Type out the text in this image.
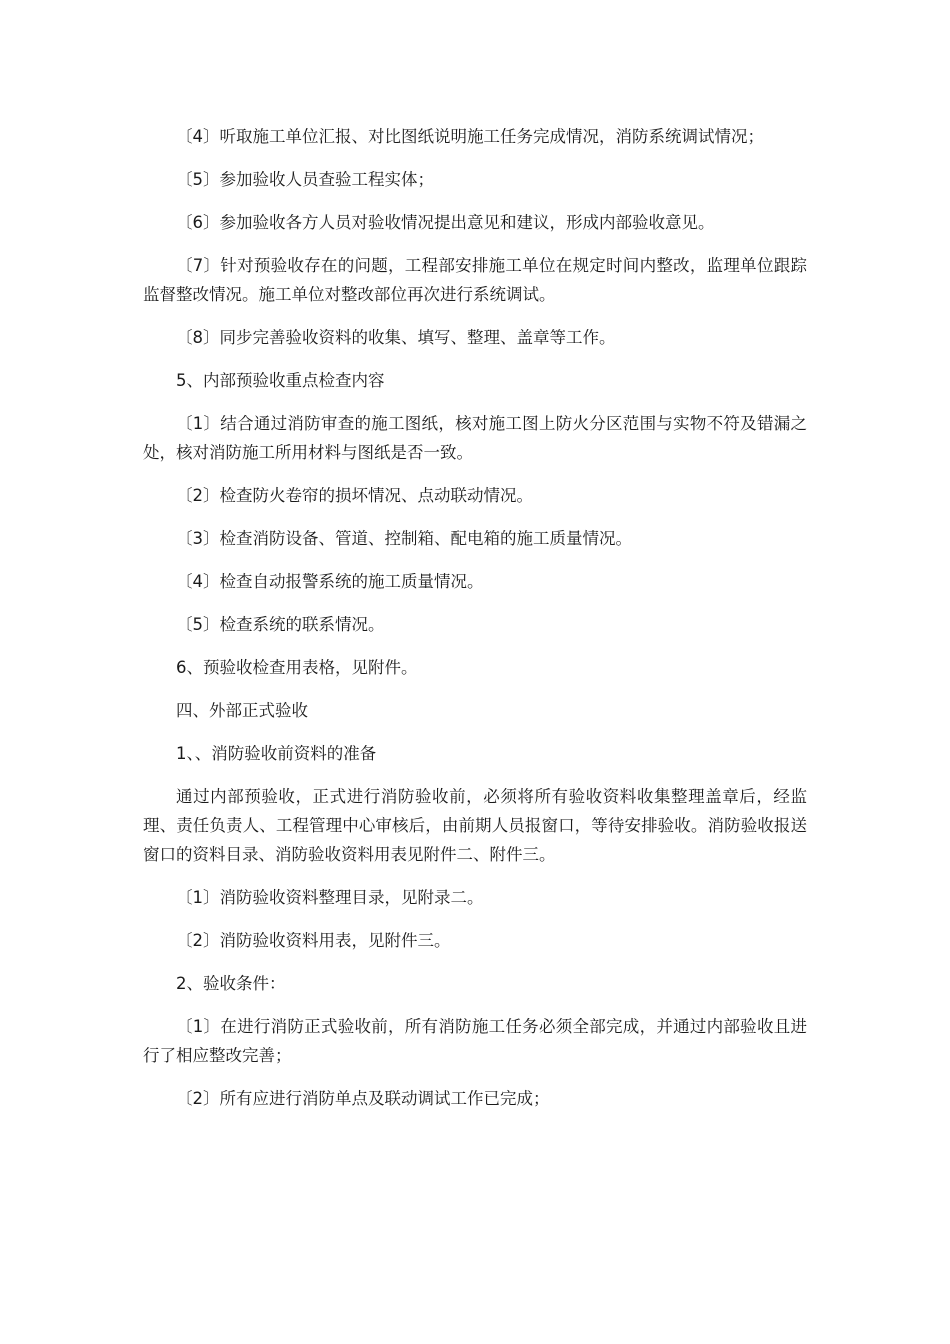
〔4〕听取施工单位汇报、对比图纸说明施工任务完成情况，消防系统调试情况；

〔5〕参加验收人员查验工程实体；

〔6〕参加验收各方人员对验收情况提出意见和建议，形成内部验收意见。

〔7〕针对预验收存在的问题，工程部安排施工单位在规定时间内整改，监理单位跟踪监督整改情况。施工单位对整改部位再次进行系统调试。

〔8〕同步完善验收资料的收集、填写、整理、盖章等工作。

5、内部预验收重点检查内容

〔1〕结合通过消防审查的施工图纸，核对施工图上防火分区范围与实物不符及错漏之处，核对消防施工所用材料与图纸是否一致。

〔2〕检查防火卷帘的损坏情况、点动联动情况。

〔3〕检查消防设备、管道、控制箱、配电箱的施工质量情况。

〔4〕检查自动报警系统的施工质量情况。

〔5〕检查系统的联系情况。

6、预验收检查用表格，见附件。

四、外部正式验收

1、、消防验收前资料的准备

通过内部预验收，正式进行消防验收前，必须将所有验收资料收集整理盖章后，经监理、责任负责人、工程管理中心审核后，由前期人员报窗口，等待安排验收。消防验收报送窗口的资料目录、消防验收资料用表见附件二、附件三。

〔1〕消防验收资料整理目录，见附录二。

〔2〕消防验收资料用表，见附件三。

2、验收条件：

〔1〕在进行消防正式验收前，所有消防施工任务必须全部完成，并通过内部验收且进行了相应整改完善；

〔2〕所有应进行消防单点及联动调试工作已完成；
